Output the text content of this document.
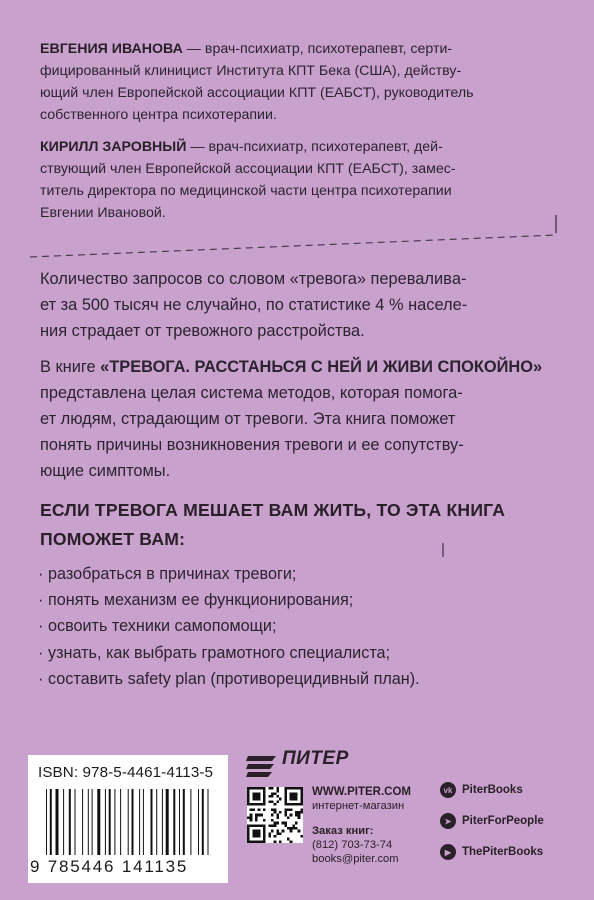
ЕВГЕНИЯ ИВАНОВА — врач-психиатр, психотерапевт, серти-
фицированный клиницист Института КПТ Бека (США), действу-
ющий член Европейской ассоциации КПТ (ЕАБСТ), руководитель
собственного центра психотерапии.

КИРИЛЛ ЗАРОВНЫЙ — врач-психиатр, психотерапевт, дей-
ствующий член Европейской ассоциации КПТ (ЕАБСТ), замес-
титель директора по медицинской части центра психотерапии
Евгении Ивановой.

Количество запросов со словом «тревога» переваливa-
ет за 500 тысяч не случайно, по статистике 4 % населе-
ния страдает от тревожного расстройства.

В книге «ТРЕВОГА. РАССТАНЬСЯ С НЕЙ И ЖИВИ СПОКОЙНО»
представлена целая система методов, которая помога-
ет людям, страдающим от тревоги. Эта книга поможет
понять причины возникновения тревоги и ее сопутству-
ющие симптомы.

ЕСЛИ ТРЕВОГА МЕШАЕТ ВАМ ЖИТЬ, ТО ЭТА КНИГА
ПОМОЖЕТ ВАМ:
· разобраться в причинах тревоги;
· понять механизм ее функционирования;
· освоить техники самопомощи;
· узнать, как выбрать грамотного специалиста;
· составить safety plan (противорецидивный план).
ISBN: 978-5-4461-4113-5
9 785446 141135
ПИТЕР
WWW.PITER.COM
интернет-магазин
Заказ книг:
(812) 703-73-74
books@piter.com
vk PiterBooks
➤ PiterForPeople
▶ ThePiterBooks
